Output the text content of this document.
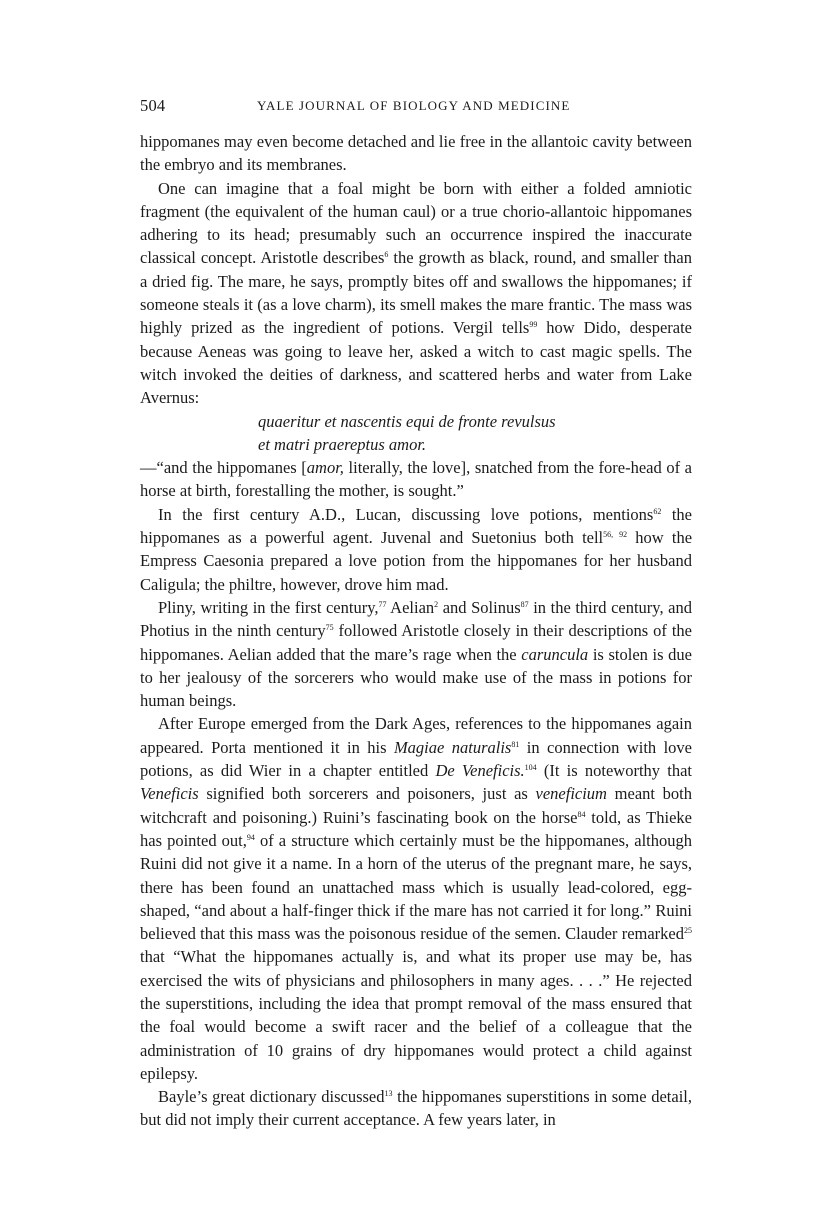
504	YALE JOURNAL OF BIOLOGY AND MEDICINE

hippomanes may even become detached and lie free in the allantoic cavity between the embryo and its membranes.

One can imagine that a foal might be born with either a folded amniotic fragment (the equivalent of the human caul) or a true chorio-allantoic hippomanes adhering to its head; presumably such an occurrence inspired the inaccurate classical concept. Aristotle describes$^6$ the growth as black, round, and smaller than a dried fig. The mare, he says, promptly bites off and swallows the hippomanes; if someone steals it (as a love charm), its smell makes the mare frantic. The mass was highly prized as the ingredient of potions. Vergil tells$^{99}$ how Dido, desperate because Aeneas was going to leave her, asked a witch to cast magic spells. The witch invoked the deities of darkness, and scattered herbs and water from Lake Avernus:

quaeritur et nascentis equi de fronte revulsus
et matri praereptus amor.

—“and the hippomanes [amor, literally, the love], snatched from the fore-head of a horse at birth, forestalling the mother, is sought.”

In the first century A.D., Lucan, discussing love potions, mentions$^{62}$ the hippomanes as a powerful agent. Juvenal and Suetonius both tell$^{56, 92}$ how the Empress Caesonia prepared a love potion from the hippomanes for her husband Caligula; the philtre, however, drove him mad.

Pliny, writing in the first century,$^{77}$ Aelian$^2$ and Solinus$^{87}$ in the third century, and Photius in the ninth century$^{75}$ followed Aristotle closely in their descriptions of the hippomanes. Aelian added that the mare’s rage when the caruncula is stolen is due to her jealousy of the sorcerers who would make use of the mass in potions for human beings.

After Europe emerged from the Dark Ages, references to the hippomanes again appeared. Porta mentioned it in his Magiae naturalis$^{81}$ in connection with love potions, as did Wier in a chapter entitled De Veneficis.$^{104}$ (It is noteworthy that Veneficis signified both sorcerers and poisoners, just as veneficium meant both witchcraft and poisoning.) Ruini’s fascinating book on the horse$^{84}$ told, as Thieke has pointed out,$^{94}$ of a structure which certainly must be the hippomanes, although Ruini did not give it a name. In a horn of the uterus of the pregnant mare, he says, there has been found an unattached mass which is usually lead-colored, egg-shaped, “and about a half-finger thick if the mare has not carried it for long.” Ruini believed that this mass was the poisonous residue of the semen. Clauder remarked$^{25}$ that “What the hippomanes actually is, and what its proper use may be, has exercised the wits of physicians and philosophers in many ages. . . .” He rejected the superstitions, including the idea that prompt removal of the mass ensured that the foal would become a swift racer and the belief of a colleague that the administration of 10 grains of dry hippomanes would protect a child against epilepsy.

Bayle’s great dictionary discussed$^{13}$ the hippomanes superstitions in some detail, but did not imply their current acceptance. A few years later, in
